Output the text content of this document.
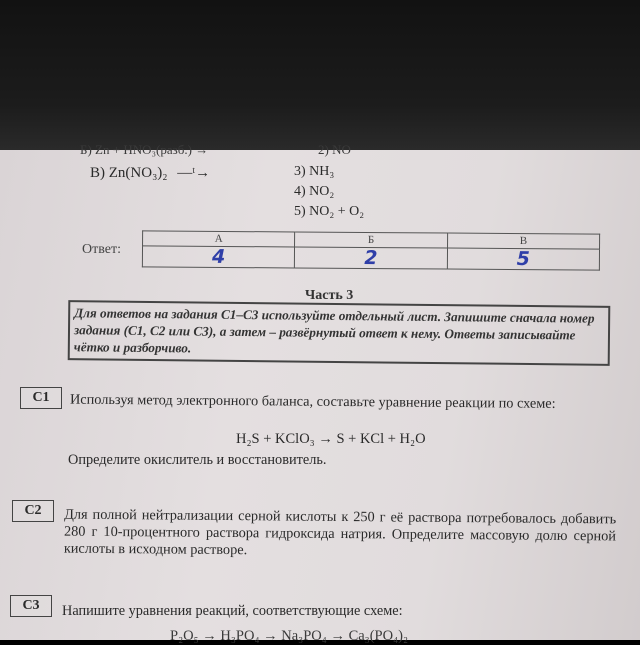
Б) Zn + HNO₃(разб.) →	2) NO
В) Zn(NO₃)₂ —ᵗ→	3) NH₃
4) NO₂
5) NO₂ + O₂
Ответ:
А	Б	В
4	2	5
Часть 3
Для ответов на задания C1–C3 используйте отдельный лист. Запишите сначала номер задания (C1, C2 или C3), а затем – развёрнутый ответ к нему. Ответы записывайте чётко и разборчиво.
C1	Используя метод электронного баланса, составьте уравнение реакции по схеме:
H₂S + KClO₃ → S + KCl + H₂O
Определите окислитель и восстановитель.
C2	Для полной нейтрализации серной кислоты к 250 г её раствора потребовалось добавить 280 г 10-процентного раствора гидроксида натрия. Определите массовую долю серной кислоты в исходном растворе.
C3	Напишите уравнения реакций, соответствующие схеме:
P₂O₅ → H₃PO₄ → Na₃PO₄ → Ca₃(PO₄)₂
